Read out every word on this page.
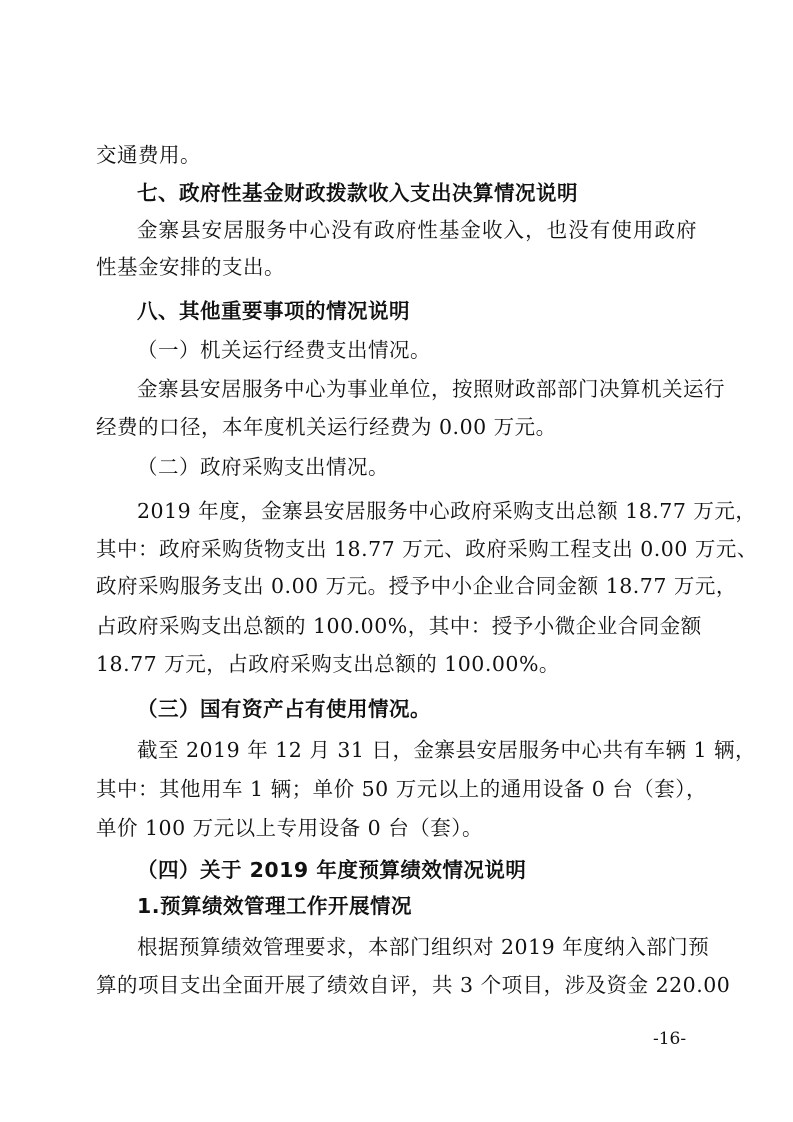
交通费用。
七、政府性基金财政拨款收入支出决算情况说明
金寨县安居服务中心没有政府性基金收入，也没有使用政府
性基金安排的支出。
八、其他重要事项的情况说明
（一）机关运行经费支出情况。
金寨县安居服务中心为事业单位，按照财政部部门决算机关运行
经费的口径，本年度机关运行经费为 0.00 万元。
（二）政府采购支出情况。
2019 年度，金寨县安居服务中心政府采购支出总额 18.77 万元，
其中：政府采购货物支出 18.77 万元、政府采购工程支出 0.00 万元、
政府采购服务支出 0.00 万元。授予中小企业合同金额 18.77 万元，
占政府采购支出总额的 100.00%，其中：授予小微企业合同金额
18.77 万元，占政府采购支出总额的 100.00%。
（三）国有资产占有使用情况。
截至 2019 年 12 月 31 日，金寨县安居服务中心共有车辆 1 辆，
其中：其他用车 1 辆；单价 50 万元以上的通用设备 0 台（套），
单价 100 万元以上专用设备 0 台（套）。
（四）关于 2019 年度预算绩效情况说明
1.预算绩效管理工作开展情况
根据预算绩效管理要求，本部门组织对 2019 年度纳入部门预
算的项目支出全面开展了绩效自评，共 3 个项目，涉及资金 220.00
-16-
